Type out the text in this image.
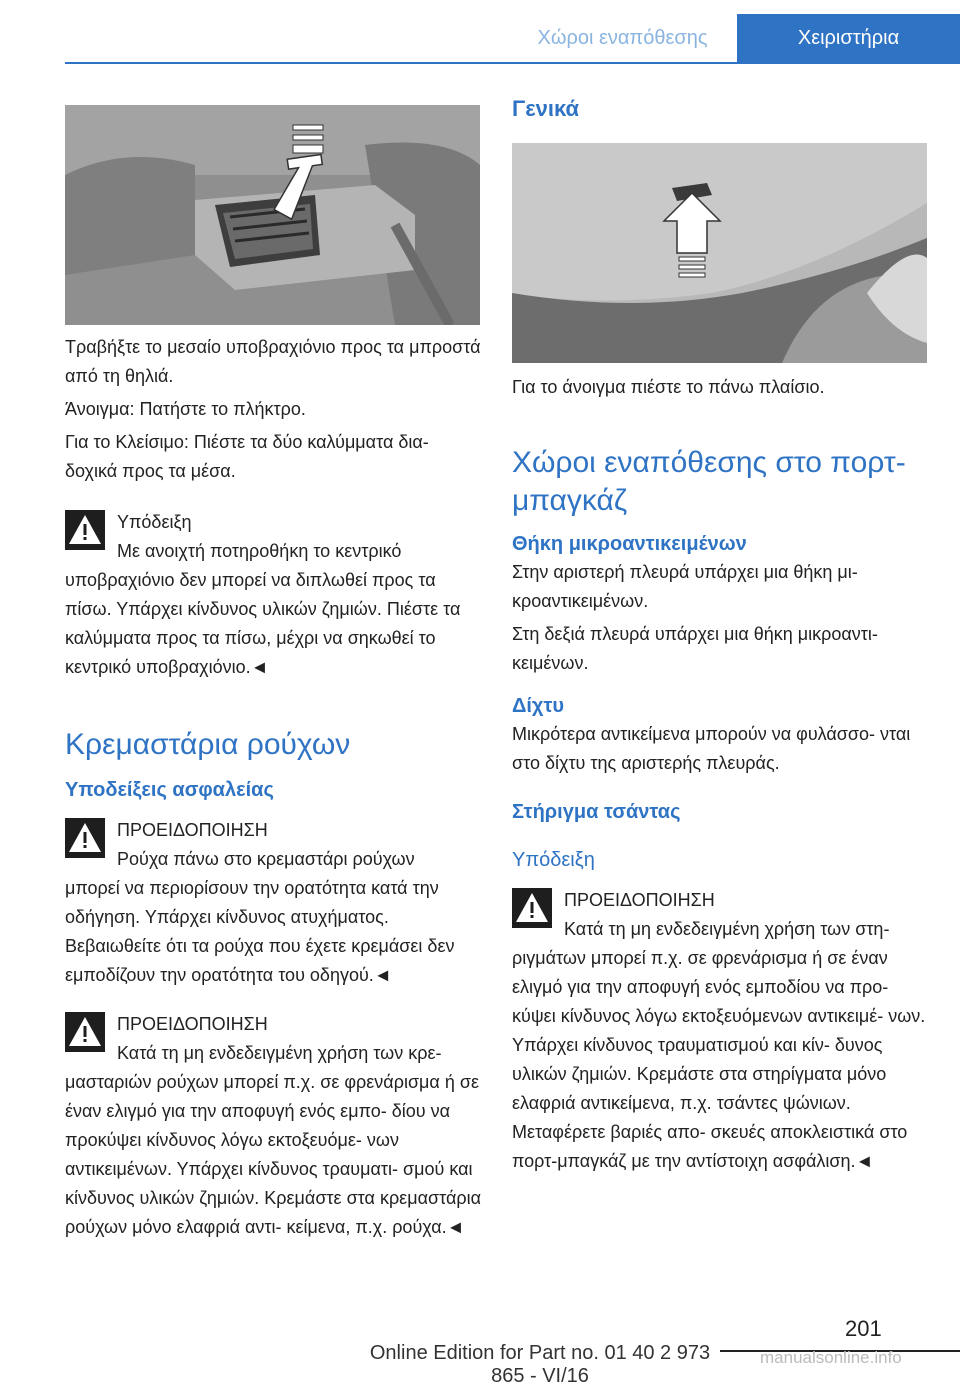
Χώροι εναπόθεσης	Χειριστήρια

Τραβήξτε το μεσαίο υποβραχιόνιο προς τα μπροστά από τη θηλιά.

Άνοιγμα: Πατήστε το πλήκτρο.

Για το Κλείσιμο: Πιέστε τα δύο καλύμματα δια- δοχικά προς τα μέσα.

Υπόδειξη

Με ανοιχτή ποτηροθήκη το κεντρικό

υποβραχιόνιο δεν μπορεί να διπλωθεί προς τα πίσω. Υπάρχει κίνδυνος υλικών ζημιών. Πιέστε τα καλύμματα προς τα πίσω, μέχρι να σηκωθεί το κεντρικό υποβραχιόνιο.◄

Κρεμαστάρια ρούχων
Υποδείξεις ασφαλείας

ΠΡΟΕΙΔΟΠΟΙΗΣΗ

Ρούχα πάνω στο κρεμαστάρι ρούχων

μπορεί να περιορίσουν την ορατότητα κατά την οδήγηση. Υπάρχει κίνδυνος ατυχήματος. Βεβαιωθείτε ότι τα ρούχα που έχετε κρεμάσει δεν εμποδίζουν την ορατότητα του οδηγού.◄

ΠΡΟΕΙΔΟΠΟΙΗΣΗ

Κατά τη μη ενδεδειγμένη χρήση των κρε-

μασταριών ρούχων μπορεί π.χ. σε φρενάρισμα ή σε έναν ελιγμό για την αποφυγή ενός εμπο- δίου να προκύψει κίνδυνος λόγω εκτοξευόμε- νων αντικειμένων. Υπάρχει κίνδυνος τραυματι- σμού και κίνδυνος υλικών ζημιών. Κρεμάστε στα κρεμαστάρια ρούχων μόνο ελαφριά αντι- κείμενα, π.χ. ρούχα.◄

Γενικά

Για το άνοιγμα πιέστε το πάνω πλαίσιο.

Χώροι εναπόθεσης στο πορτ-μπαγκάζ
Θήκη μικροαντικειμένων

Στην αριστερή πλευρά υπάρχει μια θήκη μι- κροαντικειμένων.

Στη δεξιά πλευρά υπάρχει μια θήκη μικροαντι- κειμένων.

Δίχτυ

Μικρότερα αντικείμενα μπορούν να φυλάσσο- νται στο δίχτυ της αριστερής πλευράς.

Στήριγμα τσάντας
Υπόδειξη

ΠΡΟΕΙΔΟΠΟΙΗΣΗ

Κατά τη μη ενδεδειγμένη χρήση των στη-

ριγμάτων μπορεί π.χ. σε φρενάρισμα ή σε έναν ελιγμό για την αποφυγή ενός εμποδίου να προ- κύψει κίνδυνος λόγω εκτοξευόμενων αντικειμέ- νων. Υπάρχει κίνδυνος τραυματισμού και κίν- δυνος υλικών ζημιών. Κρεμάστε στα στηρίγματα μόνο ελαφριά αντικείμενα, π.χ. τσάντες ψώνιων. Μεταφέρετε βαριές απο- σκευές αποκλειστικά στο πορτ-μπαγκάζ με την αντίστοιχη ασφάλιση.◄

201
Online Edition for Part no. 01 40 2 973 865 - VI/16
manualsonline.info
